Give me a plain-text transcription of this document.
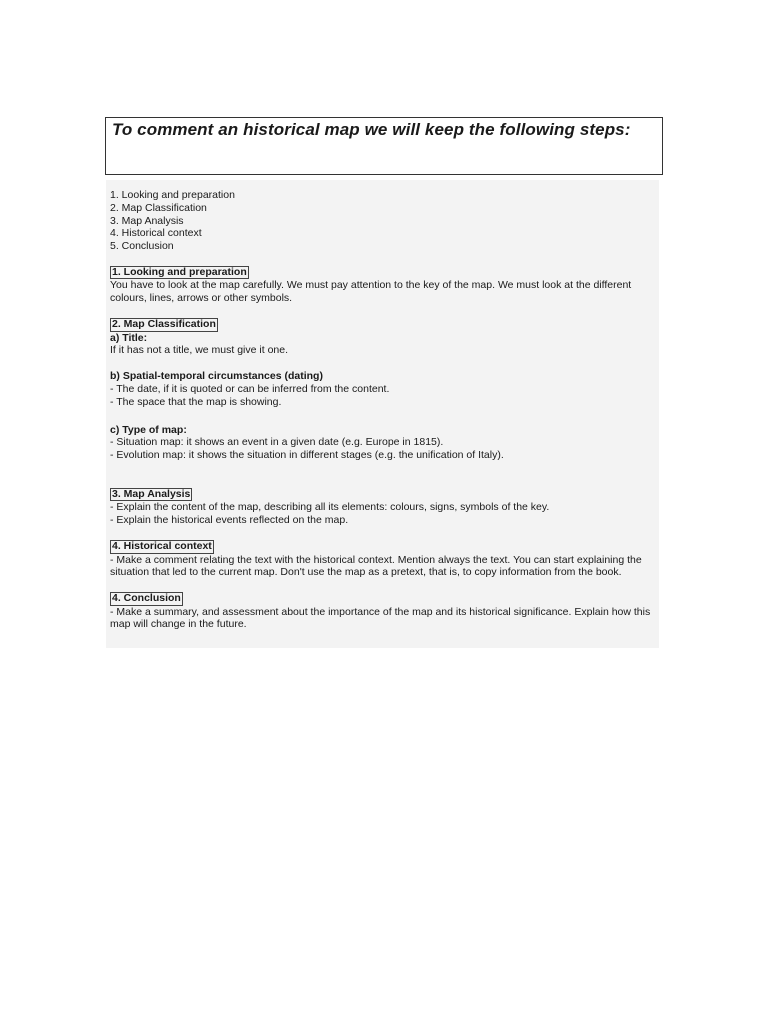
To comment an historical map we will keep the following steps:

1. Looking and preparation
2. Map Classification
3. Map Analysis
4. Historical context
5. Conclusion
1. Looking and preparation
You have to look at the map carefully. We must pay attention to the key of the map. We must look at the different colours, lines, arrows or other symbols.
2. Map Classification
a) Title:
If it has not a title, we must give it one.
b) Spatial-temporal circumstances (dating)
- The date, if it is quoted or can be inferred from the content.
- The space that the map is showing.
c) Type of map:
- Situation map: it shows an event in a given date (e.g. Europe in 1815).
- Evolution map: it shows the situation in different stages (e.g. the unification of Italy).
3. Map Analysis
- Explain the content of the map, describing all its elements: colours, signs, symbols of the key.
- Explain the historical events reflected on the map.
4. Historical context
- Make a comment relating the text with the historical context. Mention always the text. You can start explaining the situation that led to the current map. Don't use the map as a pretext, that is, to copy information from the book.
4. Conclusion
- Make a summary, and assessment about the importance of the map and its historical significance. Explain how this map will change in the future.
